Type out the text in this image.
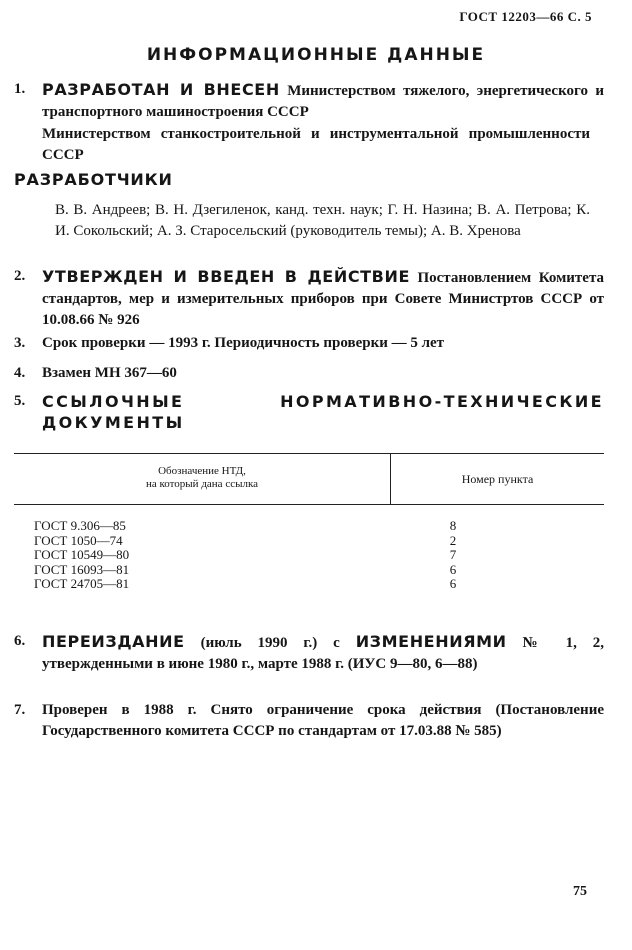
ГОСТ 12203—66 С. 5
ИНФОРМАЦИОННЫЕ ДАННЫЕ
1.	РАЗРАБОТАН И ВНЕСЕН Министерством тяжелого, энергетического и транспортного машиностроения СССР
Министерством станкостроительной и инструментальной промышленности СССР
РАЗРАБОТЧИКИ
В. В. Андреев; В. Н. Дзегиленок, канд. техн. наук; Г. Н. Назина; В. А. Петрова; К. И. Сокольский; А. З. Старосельский (руководитель темы); А. В. Хренова
2.	УТВЕРЖДЕН И ВВЕДЕН В ДЕЙСТВИЕ Постановлением Комитета стандартов, мер и измерительных приборов при Совете Министртов СССР от 10.08.66 № 926
3.	Срок проверки — 1993 г. Периодичность проверки — 5 лет
4.	Взамен МН 367—60
5.	ССЫЛОЧНЫЕ НОРМАТИВНО-ТЕХНИЧЕСКИЕ ДОКУМЕНТЫ
Обозначение НТД,
на который дана ссылка	Номер пункта
ГОСТ 9.306—85	8
ГОСТ 1050—74	2
ГОСТ 10549—80	7
ГОСТ 16093—81	6
ГОСТ 24705—81	6
6.	ПЕРЕИЗДАНИЕ (июль 1990 г.) с ИЗМЕНЕНИЯМИ № 1, 2, утвержденными в июне 1980 г., марте 1988 г. (ИУС 9—80, 6—88)
7.	Проверен в 1988 г. Снято ограничение срока действия (Постановление Государственного комитета СССР по стандартам от 17.03.88 № 585)
75
